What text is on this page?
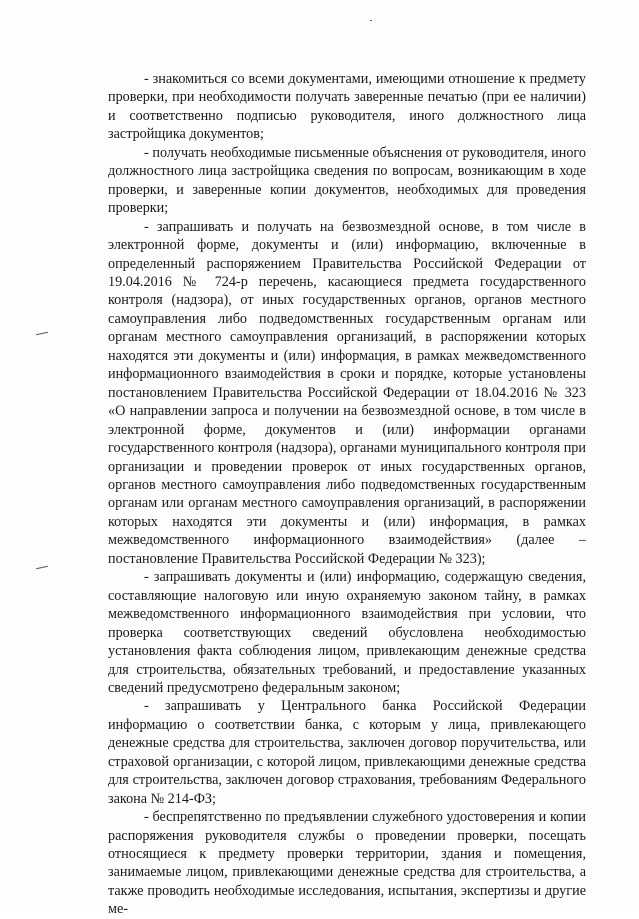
- знакомиться со всеми документами, имеющими отношение к предмету проверки, при необходимости получать заверенные печатью (при ее наличии) и соответственно подписью руководителя, иного должностного лица застройщика документов;

- получать необходимые письменные объяснения от руководителя, иного должностного лица застройщика сведения по вопросам, возникающим в ходе проверки, и заверенные копии документов, необходимых для проведения проверки;

- запрашивать и получать на безвозмездной основе, в том числе в электронной форме, документы и (или) информацию, включенные в определенный распоряжением Правительства Российской Федерации от 19.04.2016 № 724-р перечень, касающиеся предмета государственного контроля (надзора), от иных государственных органов, органов местного самоуправления либо подведомственных государственным органам или органам местного самоуправления организаций, в распоряжении которых находятся эти документы и (или) информация, в рамках межведомственного информационного взаимодействия в сроки и порядке, которые установлены постановлением Правительства Российской Федерации от 18.04.2016 № 323 «О направлении запроса и получении на безвозмездной основе, в том числе в электронной форме, документов и (или) информации органами государственного контроля (надзора), органами муниципального контроля при организации и проведении проверок от иных государственных органов, органов местного самоуправления либо подведомственных государственным органам или органам местного самоуправления организаций, в распоряжении которых находятся эти документы и (или) информация, в рамках межведомственного информационного взаимодействия» (далее – постановление Правительства Российской Федерации № 323);

- запрашивать документы и (или) информацию, содержащую сведения, составляющие налоговую или иную охраняемую законом тайну, в рамках межведомственного информационного взаимодействия при условии, что проверка соответствующих сведений обусловлена необходимостью установления факта соблюдения лицом, привлекающим денежные средства для строительства, обязательных требований, и предоставление указанных сведений предусмотрено федеральным законом;

- запрашивать у Центрального банка Российской Федерации информацию о соответствии банка, с которым у лица, привлекающего денежные средства для строительства, заключен договор поручительства, или страховой организации, с которой лицом, привлекающими денежные средства для строительства, заключен договор страхования, требованиям Федерального закона № 214-ФЗ;

- беспрепятственно по предъявлении служебного удостоверения и копии распоряжения руководителя службы о проведении проверки, посещать относящиеся к предмету проверки территории, здания и помещения, занимаемые лицом, привлекающими денежные средства для строительства, а также проводить необходимые исследования, испытания, экспертизы и другие ме-
